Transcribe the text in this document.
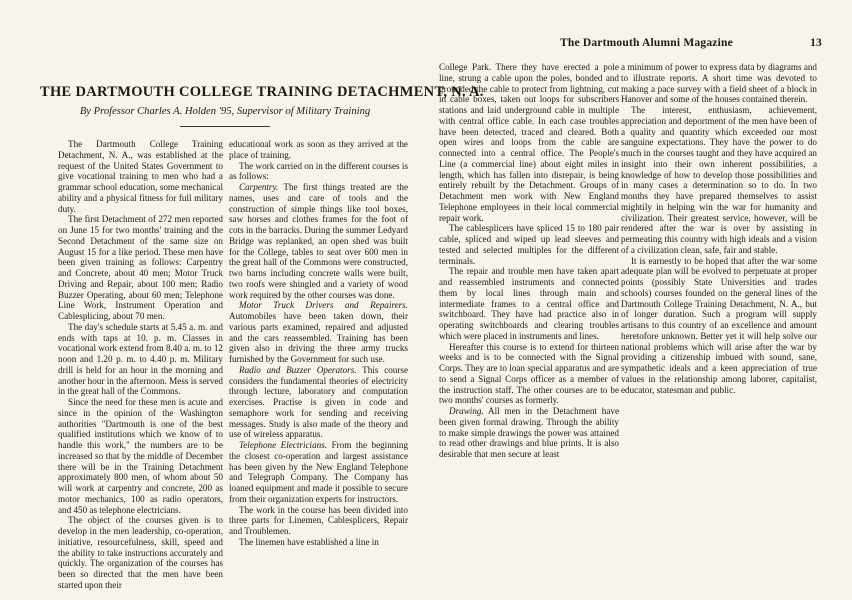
The Dartmouth Alumni Magazine	13
THE DARTMOUTH COLLEGE TRAINING DETACHMENT, N. A.
By Professor Charles A. Holden '95, Supervisor of Military Training

The Dartmouth College Training Detachment, N. A., was established at the request of the United States Government to give vocational training to men who had a grammar school education, some mechanical ability and a physical fitness for full military duty.

The first Detachment of 272 men reported on June 15 for two months' training and the Second Detachment of the same size on August 15 for a like period. These men have been given training as follows: Carpentry and Concrete, about 40 men; Motor Truck Driving and Repair, about 100 men; Radio Buzzer Operating, about 60 men; Telephone Line Work, Instrument Operation and Cablesplicing, about 70 men.

The day's schedule starts at 5.45 a. m. and ends with taps at 10. p. m. Classes in vocational work extend from 8.40 a. m. to 12 noon and 1.20 p. m. to 4.40 p. m. Military drill is held for an hour in the morning and another hour in the afternoon. Mess is served in the great hall of the Commons.

Since the need for these men is acute and since in the opinion of the Washington authorities "Dartmouth is one of the best qualified institutions which we know of to handle this work," the numbers are to be increased so that by the middle of December there will be in the Training Detachment approximately 800 men, of whom about 50 will work at carpentry and concrete, 200 as motor mechanics, 100 as radio operators, and 450 as telephone electricians.

The object of the courses given is to develop in the men leadership, co-operation, initiative, resourcefulness, skill, speed and the ability to take instructions accurately and quickly. The organization of the courses has been so directed that the men have been started upon their

educational work as soon as they arrived at the place of training.

The work carried on in the different courses is as follows:

Carpentry. The first things treated are the names, uses and care of tools and the construction of simple things like tool boxes, saw horses and clothes frames for the foot of cots in the barracks. During the summer Ledyard Bridge was replanked, an open shed was built for the College, tables to seat over 600 men in the great hall of the Commons were constructed, two barns including concrete walls were built, two roofs were shingled and a variety of wood work required by the other courses was done.

Motor Truck Drivers and Repairers. Automobiles have been taken down, their various parts examined, repaired and adjusted and the cars reassembled. Training has been given also in driving the three army trucks furnished by the Government for such use.

Radio and Buzzer Operators. This course considers the fundamental theories of electricity through lecture, laboratory and computation exercises. Practise is given in code and semaphore work for sending and receiving messages. Study is also made of the theory and use of wireless apparatus.

Telephone Electricians. From the beginning the closest co-operation and largest assistance has been given by the New England Telephone and Telegraph Company. The Company has loaned equipment and made it possible to secure from their organization experts for instructors.

The work in the course has been divided into three parts for Linemen, Cablesplicers, Repair and Troublemen.

The linemen have established a line in

College Park. There they have erected a pole line, strung a cable upon the poles, bonded and grounded the cable to protect from lightning, cut in cable boxes, taken out loops for subscribers stations and laid underground cable in multiple with central office cable. In each case troubles have been detected, traced and cleared. Both open wires and loops from the cable are connected into a central office. The People's Line (a commercial line) about eight miles in length, which has fallen into disrepair, is being entirely rebuilt by the Detachment. Groups of Detachment men work with New England Telephone employees in their local commercial repair work.

The cablesplicers have spliced 15 to 180 pair cable, spliced and wiped up lead sleeves and tested and selected multiples for the different terminals.

The repair and trouble men have taken apart and reassembled instruments and connected them by local lines through main and intermediate frames to a central office and switchboard. They have had practice also in operating switchboards and clearing troubles which were placed in instruments and lines.

Hereafter this course is to extend for thirteen weeks and is to be connected with the Signal Corps. They are to loan special apparatus and are to send a Signal Corps officer as a member of the instruction staff. The other courses are to be two months' courses as formerly.

Drawing. All men in the Detachment have been given formal drawing. Through the ability to make simple drawings the power was attained to read other drawings and blue prints. It is also desirable that men secure at least

a minimum of power to express data by diagrams and to illustrate reports. A short time was devoted to making a pace survey with a field sheet of a block in Hanover and some of the houses contained therein.

The interest, enthusiasm, achievement, appreciation and deportment of the men have been of a quality and quantity which exceeded our most sanguine expectations. They have the power to do much in the courses taught and they have acquired an insight into their own inherent possibilities, a knowledge of how to develop those possibilities and in many cases a determination so to do. In two months they have prepared themselves to assist mightily in helping win the war for humanity and civilization. Their greatest service, however, will be rendered after the war is over by assisting in permeating this country with high ideals and a vision of a civilization clean, safe, fair and stable.

It is earnestly to be hoped that after the war some adequate plan will be evolved to perpetuate at proper points (possibly State Universities and trades schools) courses founded on the general lines of the Dartmouth College Training Detachment, N. A., but of longer duration. Such a program will supply artisans to this country of an excellence and amount heretofore unknown. Better yet it will help solve our national problems which will arise after the war by providing a citizenship imbued with sound, sane, sympathetic ideals and a keen appreciation of true values in the relationship among laborer, capitalist, educator, statesman and public.
